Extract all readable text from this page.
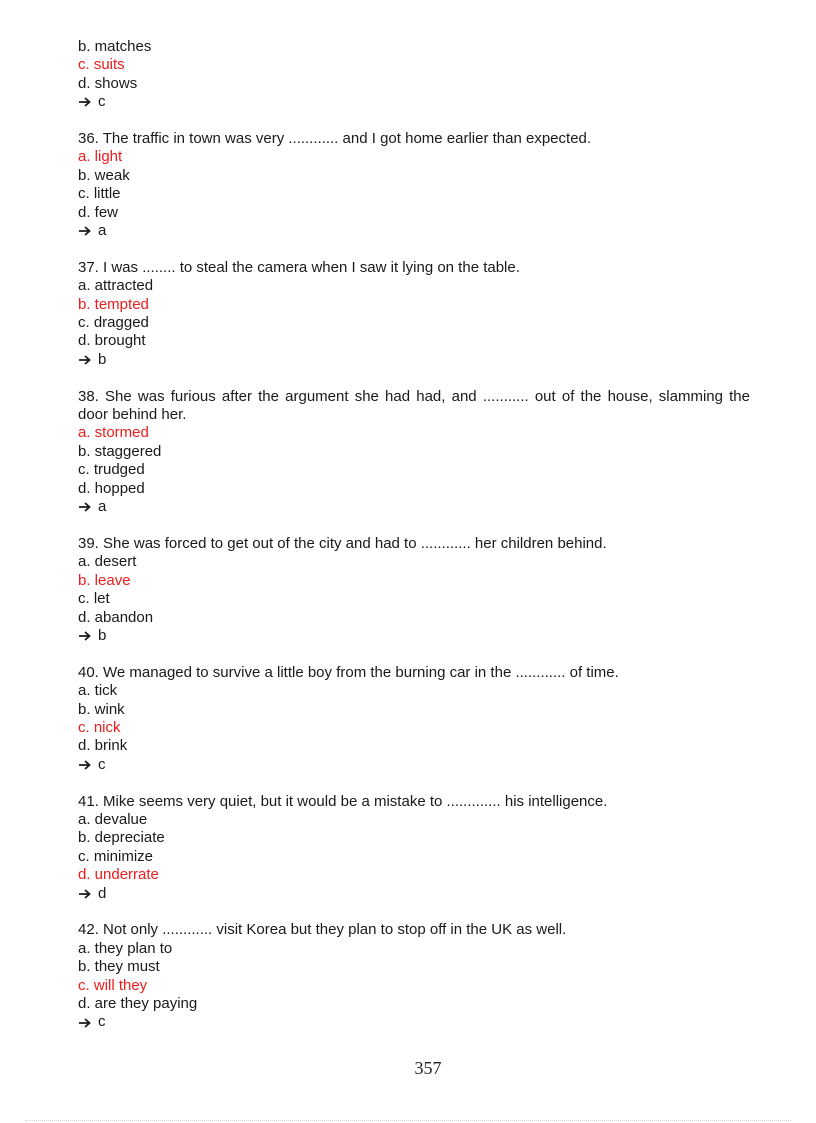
b. matches
c. suits
d. shows
c
36. The traffic in town was very ............ and I got home earlier than expected.
a. light
b. weak
c. little
d. few
a
37. I was ........ to steal the camera when I saw it lying on the table.
a. attracted
b. tempted
c. dragged
d. brought
b
38. She was furious after the argument she had had, and ........... out of the house, slamming the door behind her.
a. stormed
b. staggered
c. trudged
d. hopped
a
39. She was forced to get out of the city and had to ............ her children behind.
a. desert
b. leave
c. let
d. abandon
b
40. We managed to survive a little boy from the burning car in the ............ of time.
a. tick
b. wink
c. nick
d. brink
c
41. Mike seems very quiet, but it would be a mistake to ............. his intelligence.
a. devalue
b. depreciate
c. minimize
d. underrate
d
42. Not only ............ visit Korea but they plan to stop off in the UK as well.
a. they plan to
b. they must
c. will they
d. are they paying
c
357
